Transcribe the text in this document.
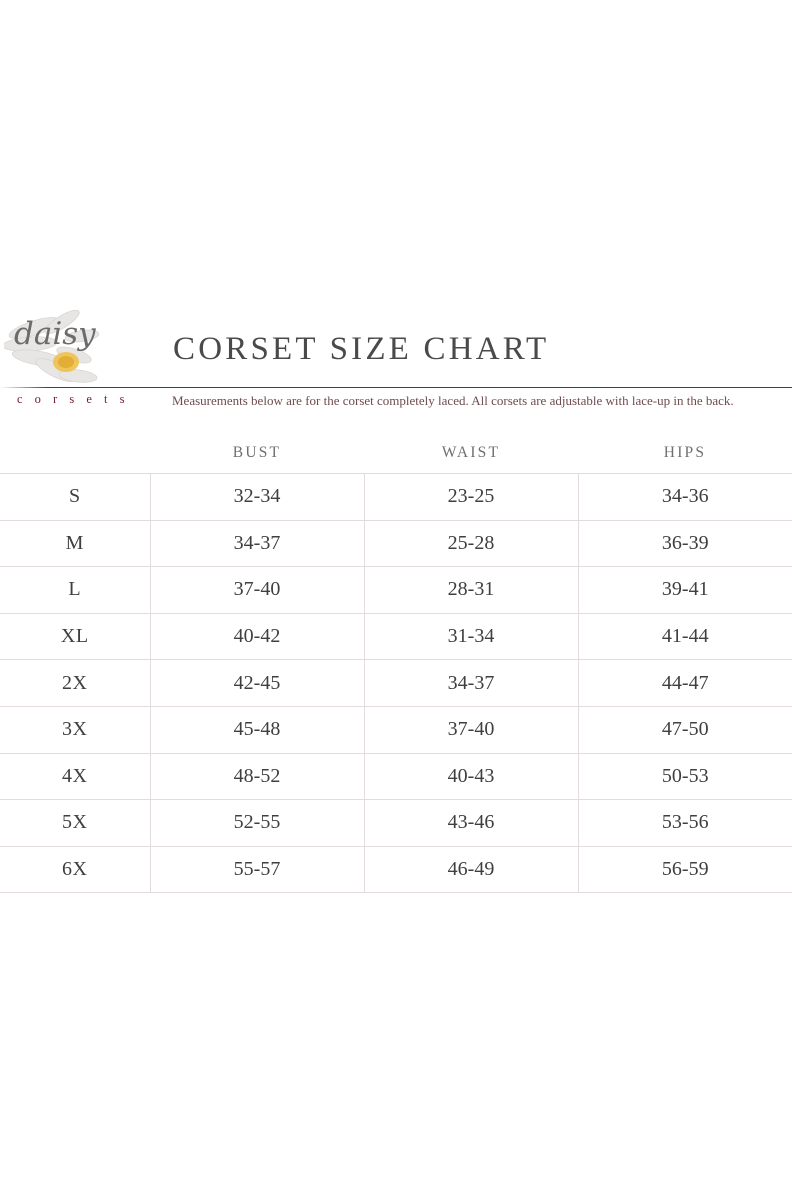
daisy
c o r s e t s
CORSET SIZE CHART
Measurements below are for the corset completely laced. All corsets are adjustable with lace-up in the back.
	BUST	WAIST	HIPS
S	32-34	23-25	34-36
M	34-37	25-28	36-39
L	37-40	28-31	39-41
XL	40-42	31-34	41-44
2X	42-45	34-37	44-47
3X	45-48	37-40	47-50
4X	48-52	40-43	50-53
5X	52-55	43-46	53-56
6X	55-57	46-49	56-59
